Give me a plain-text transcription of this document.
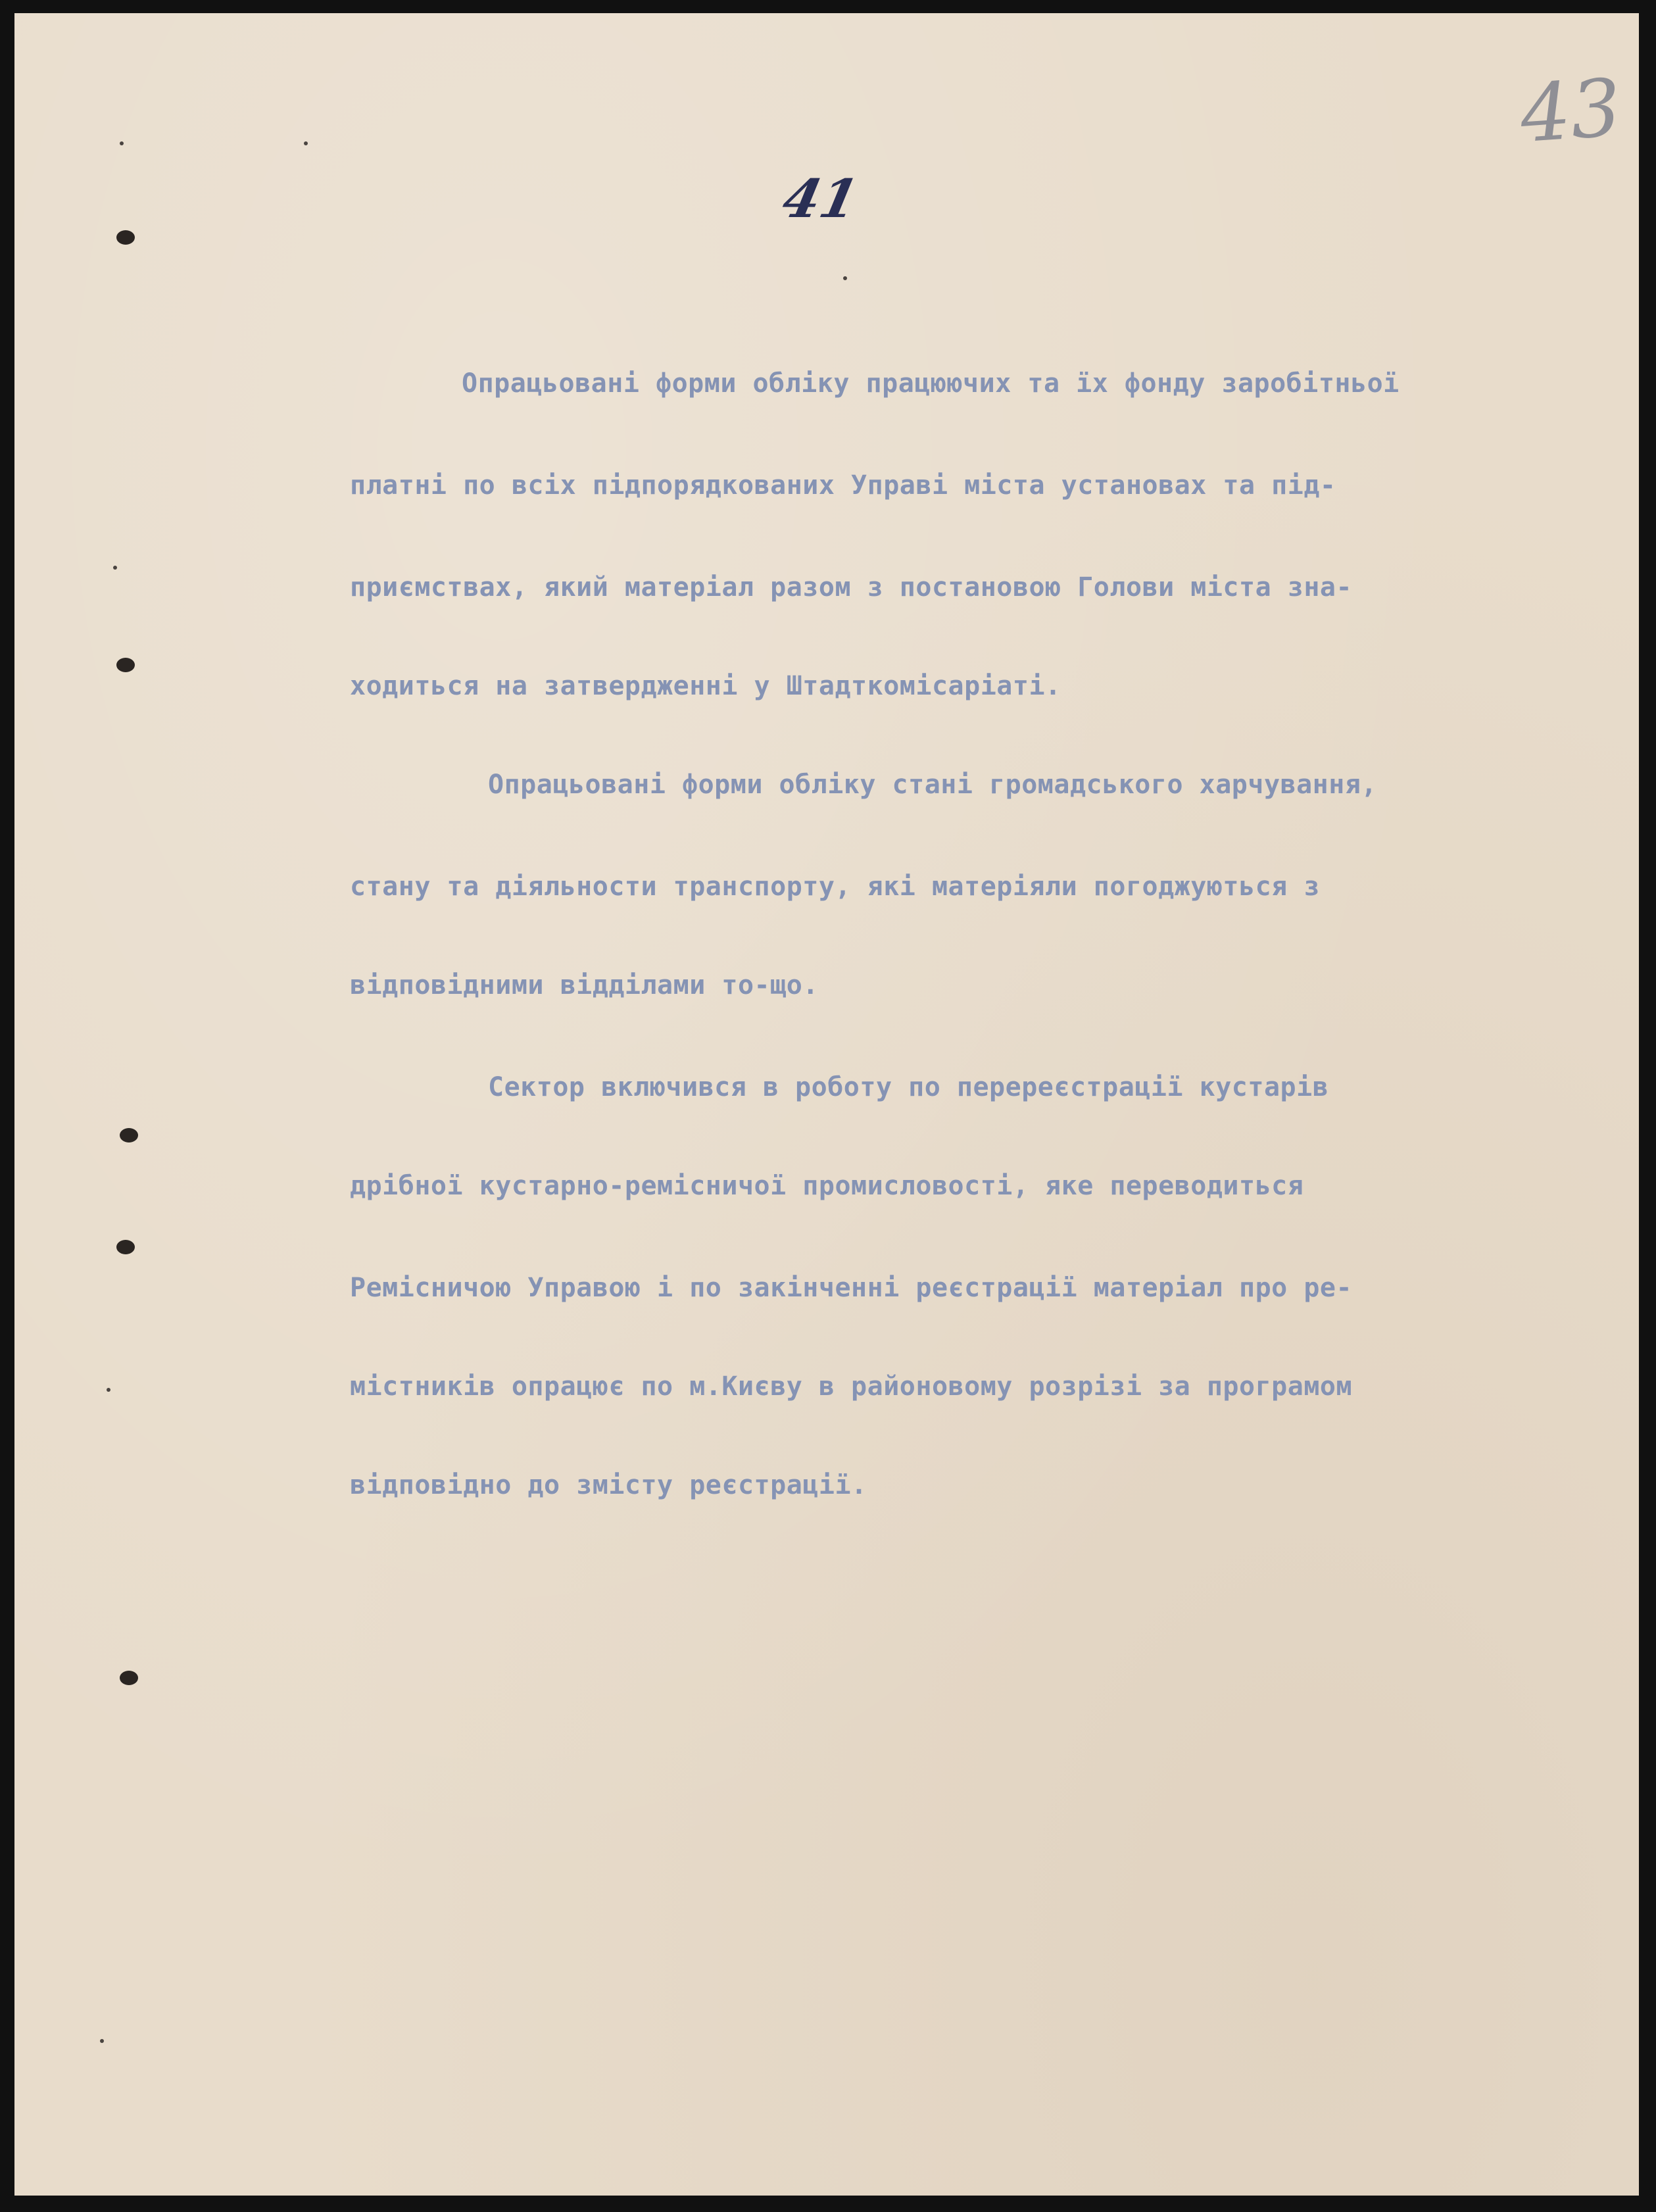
43
41
Опрацьовані форми обліку працюючих та їх фонду заробітньої
платні по всіх підпорядкованих Управі міста установах та під-
приємствах, який матеріал разом з постановою Голови міста зна-
ходиться на затвердженні у Штадткомісаріаті.
Опрацьовані форми обліку стані громадського харчування,
стану та діяльности транспорту, які матеріяли погоджуються з
відповідними відділами то-що.
Сектор включився в роботу по перереєстрації кустарів
дрібної кустарно-ремісничої промисловості, яке переводиться
Ремісничою Управою і по закінченні реєстрації матеріал про ре-
містників опрацює по м.Києву в районовому розрізі за програмом
відповідно до змісту реєстрації.
